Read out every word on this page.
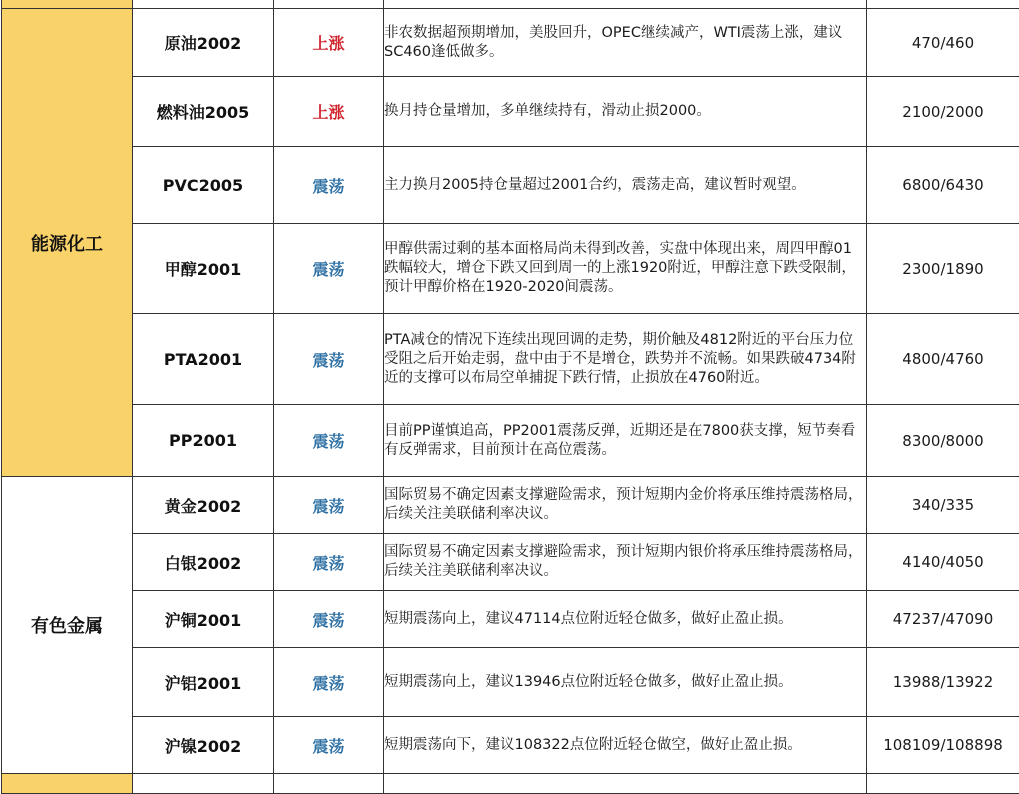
能源化工	原油2002	上涨	非农数据超预期增加，美股回升，OPEC继续减产，WTI震荡上涨，建议SC460逢低做多。	470/460
	燃料油2005	上涨	换月持仓量增加，多单继续持有，滑动止损2000。	2100/2000
	PVC2005	震荡	主力换月2005持仓量超过2001合约，震荡走高，建议暂时观望。	6800/6430
	甲醇2001	震荡	甲醇供需过剩的基本面格局尚未得到改善，实盘中体现出来，周四甲醇01跌幅较大，增仓下跌又回到周一的上涨1920附近，甲醇注意下跌受限制，预计甲醇价格在1920-2020间震荡。	2300/1890
	PTA2001	震荡	PTA减仓的情况下连续出现回调的走势，期价触及4812附近的平台压力位受阻之后开始走弱，盘中由于不是增仓，跌势并不流畅。如果跌破4734附近的支撑可以布局空单捕捉下跌行情，止损放在4760附近。	4800/4760
	PP2001	震荡	目前PP谨慎追高，PP2001震荡反弹，近期还是在7800获支撑，短节奏看有反弹需求，目前预计在高位震荡。	8300/8000
有色金属	黄金2002	震荡	国际贸易不确定因素支撑避险需求，预计短期内金价将承压维持震荡格局，后续关注美联储利率决议。	340/335
	白银2002	震荡	国际贸易不确定因素支撑避险需求，预计短期内银价将承压维持震荡格局，后续关注美联储利率决议。	4140/4050
	沪铜2001	震荡	短期震荡向上，建议47114点位附近轻仓做多，做好止盈止损。	47237/47090
	沪铝2001	震荡	短期震荡向上，建议13946点位附近轻仓做多，做好止盈止损。	13988/13922
	沪镍2002	震荡	短期震荡向下，建议108322点位附近轻仓做空，做好止盈止损。	108109/108898
